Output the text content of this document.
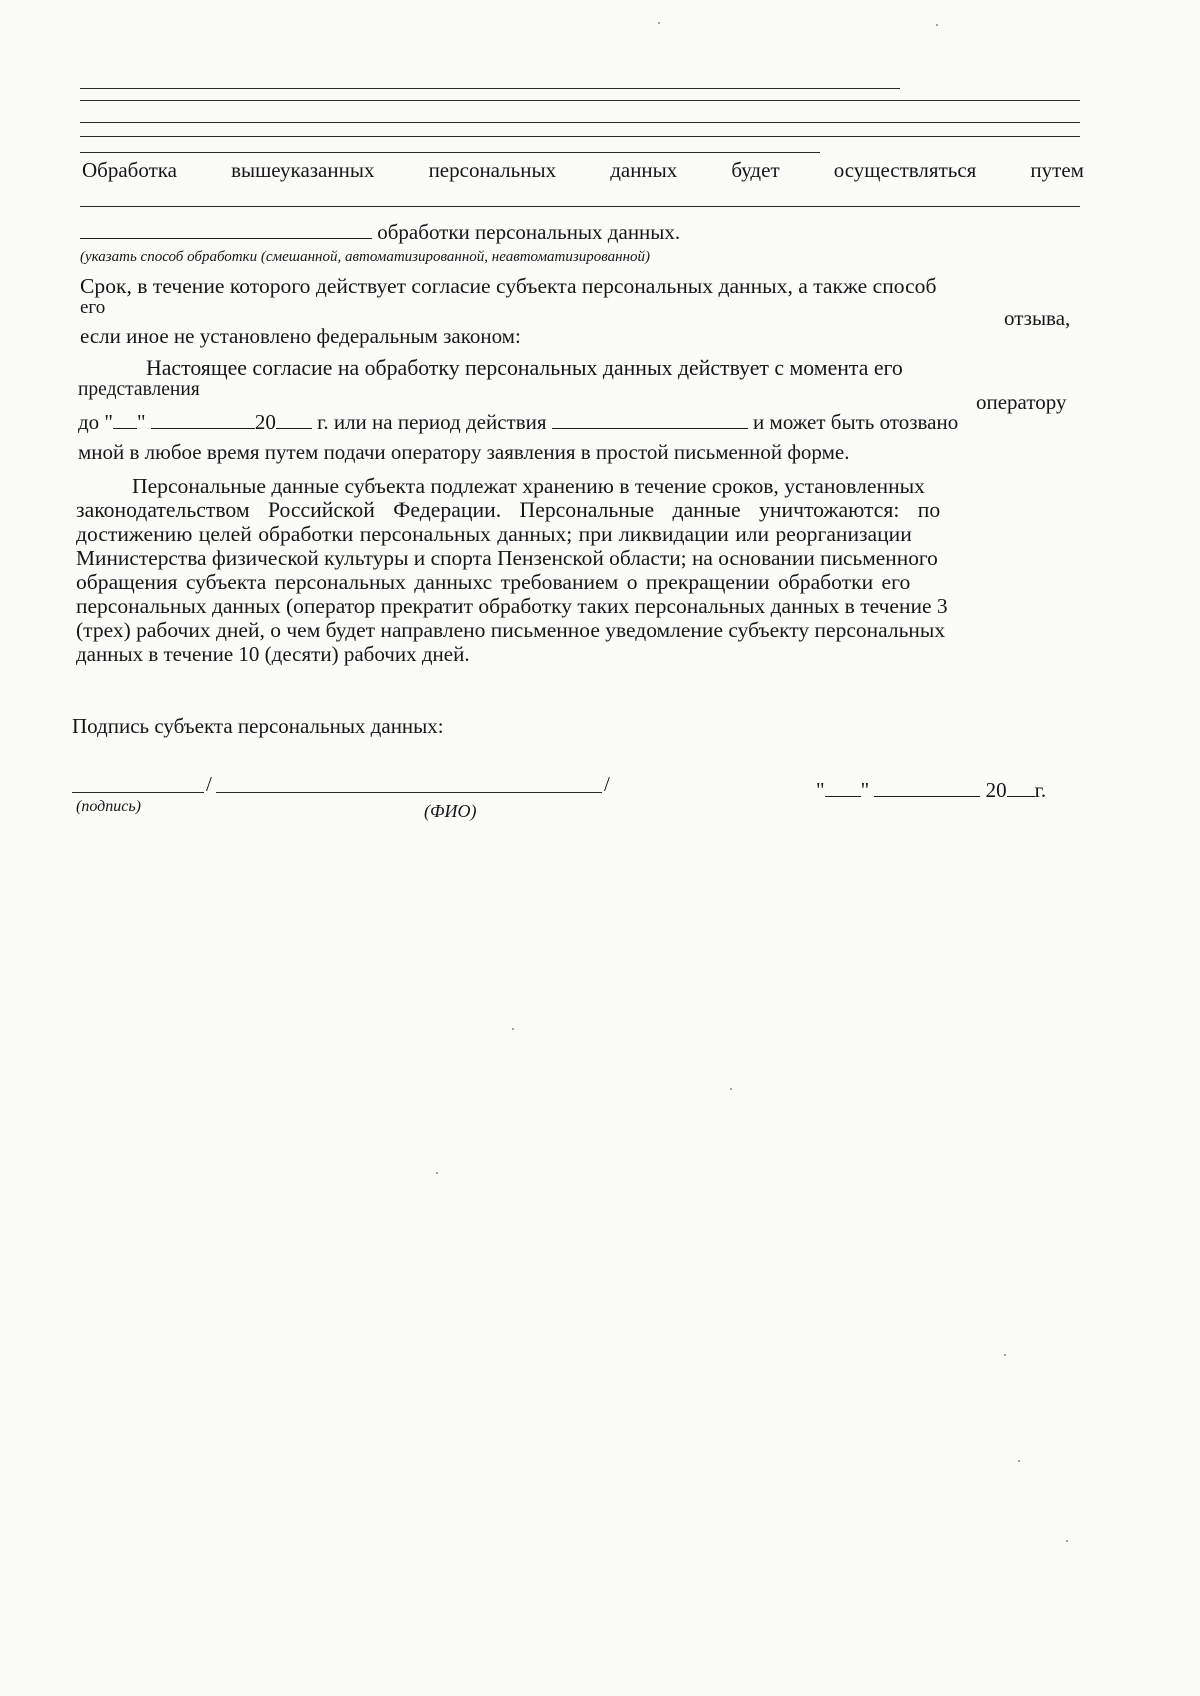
Обработка	вышеуказанных	персональных	данных	будет	осуществляться	путем
обработки персональных данных.
(указать способ обработки (смешанной, автоматизированной, неавтоматизированной)
Срок, в течение которого действует согласие субъекта персональных данных, а также способ
его	отзыва,
если иное не установлено федеральным законом:
Настоящее согласие на обработку персональных данных действует с момента его
представления
оператору
до " "	20 г. или на период действия	и может быть отозвано
мной в любое время путем подачи оператору заявления в простой письменной форме.
Персональные данные субъекта подлежат хранению в течение сроков, установленных
законодательством Российской Федерации. Персональные данные уничтожаются: по
достижению целей обработки персональных данных; при ликвидации или реорганизации
Министерства физической культуры и спорта Пензенской области; на основании письменного
обращения субъекта персональных данныхс требованием о прекращении обработки его
персональных данных (оператор прекратит обработку таких персональных данных в течение 3
(трех) рабочих дней, о чем будет направлено письменное уведомление субъекту персональных
данных в течение 10 (десяти) рабочих дней.
Подпись субъекта персональных данных:
/	/
(подпись)	(ФИО)
" "	20 г.
